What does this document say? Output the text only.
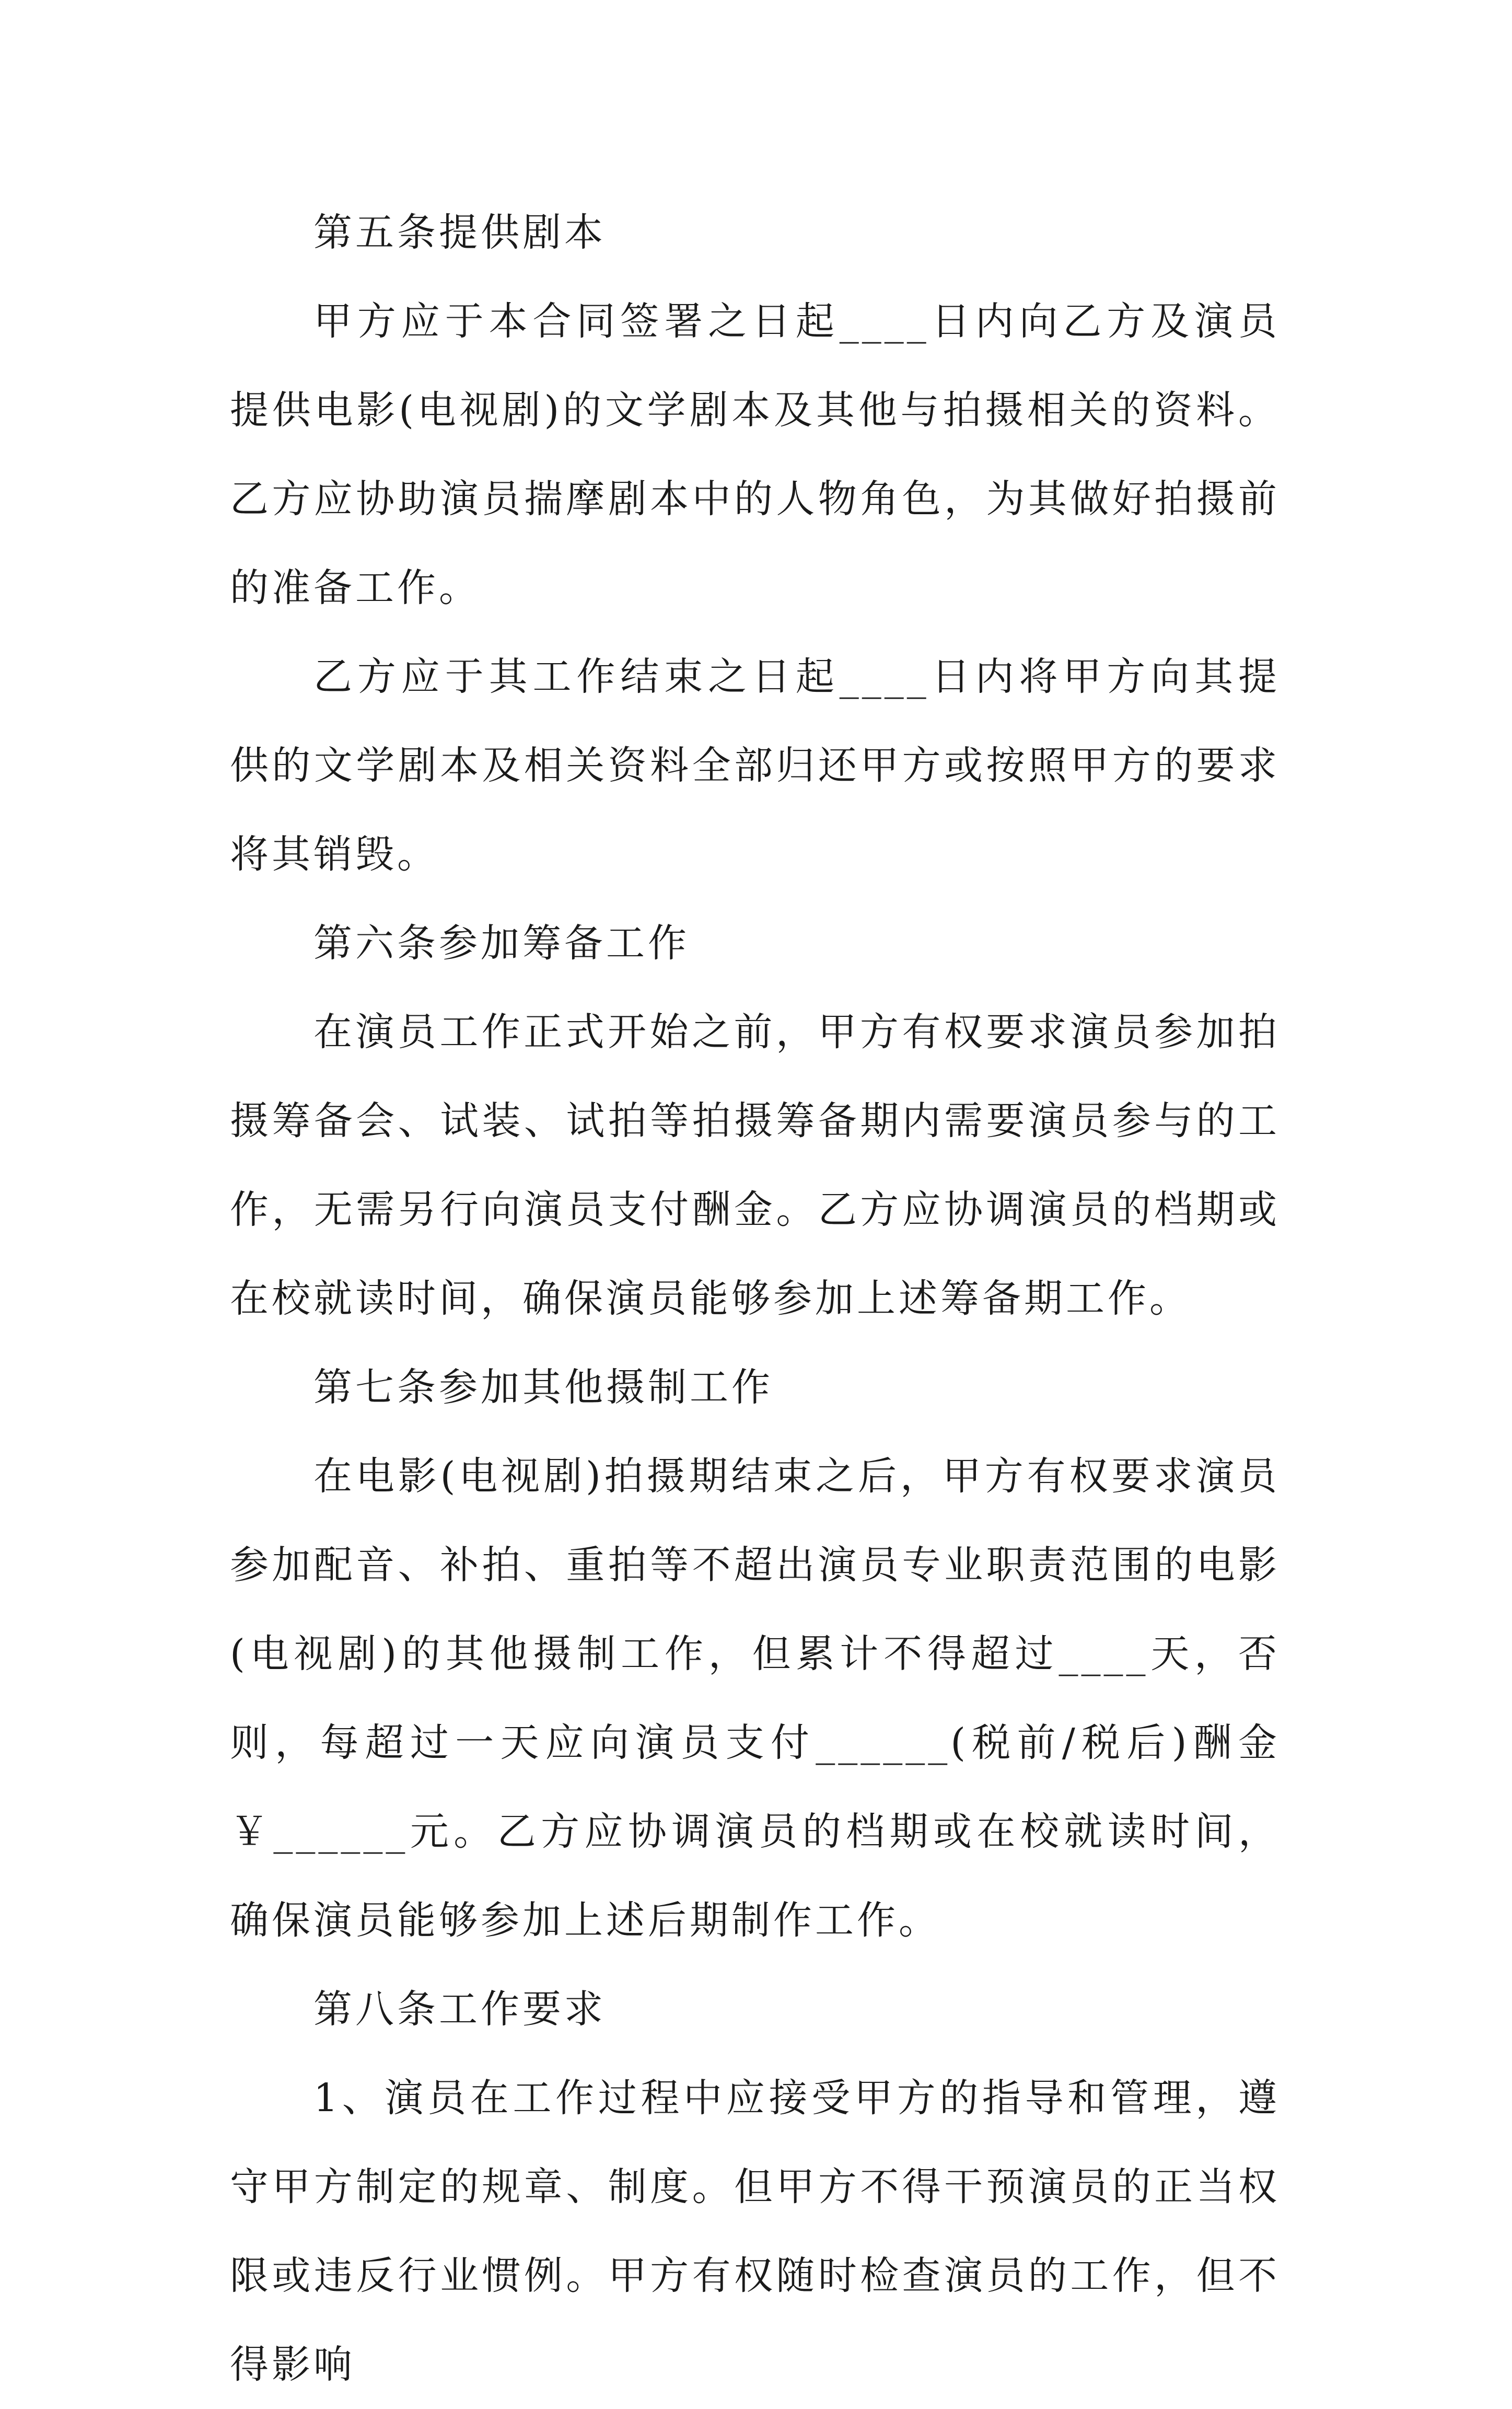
第五条提供剧本

甲方应于本合同签署之日起____日内向乙方及演员提供电影(电视剧)的文学剧本及其他与拍摄相关的资料。乙方应协助演员揣摩剧本中的人物角色，为其做好拍摄前的准备工作。

乙方应于其工作结束之日起____日内将甲方向其提供的文学剧本及相关资料全部归还甲方或按照甲方的要求将其销毁。

第六条参加筹备工作

在演员工作正式开始之前，甲方有权要求演员参加拍摄筹备会、试装、试拍等拍摄筹备期内需要演员参与的工作，无需另行向演员支付酬金。乙方应协调演员的档期或在校就读时间，确保演员能够参加上述筹备期工作。

第七条参加其他摄制工作

在电影(电视剧)拍摄期结束之后，甲方有权要求演员参加配音、补拍、重拍等不超出演员专业职责范围的电影(电视剧)的其他摄制工作，但累计不得超过____天，否则，每超过一天应向演员支付______(税前/税后)酬金￥______元。乙方应协调演员的档期或在校就读时间，确保演员能够参加上述后期制作工作。

第八条工作要求

1、演员在工作过程中应接受甲方的指导和管理，遵守甲方制定的规章、制度。但甲方不得干预演员的正当权限或违反行业惯例。甲方有权随时检查演员的工作，但不得影响
